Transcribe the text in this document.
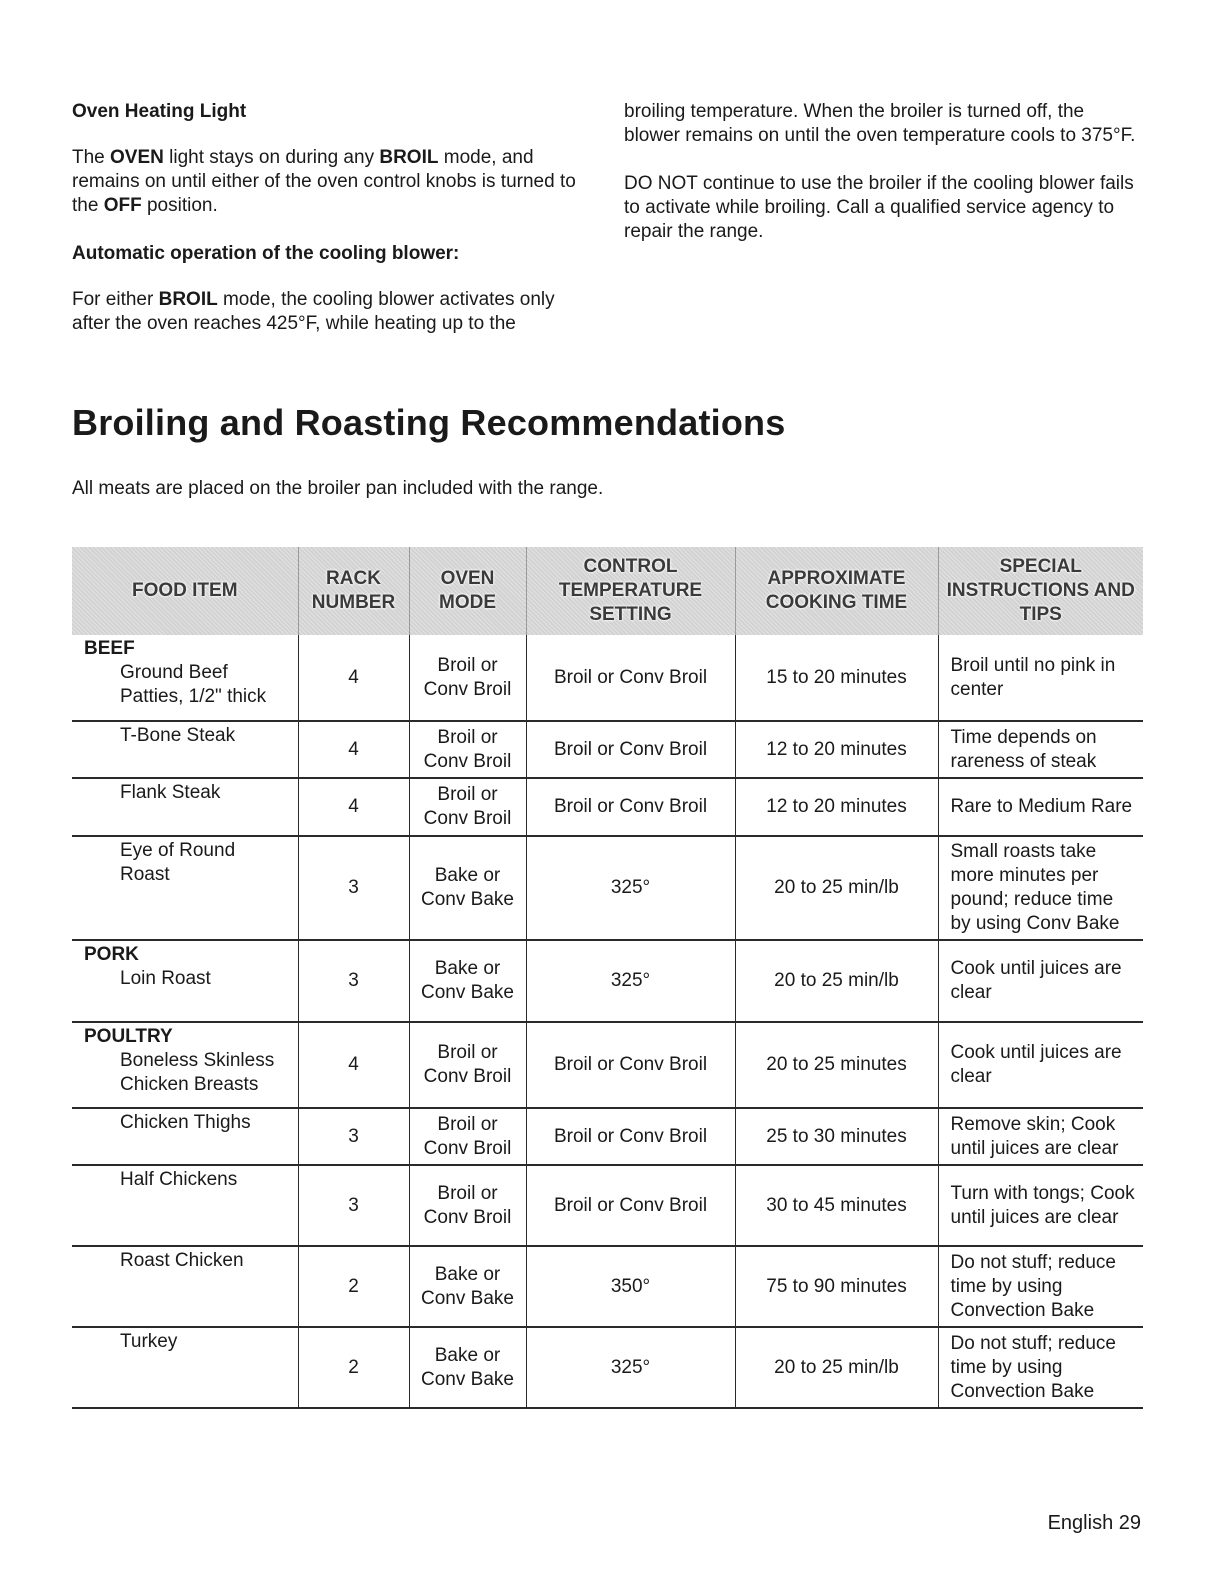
Oven Heating Light

The OVEN light stays on during any BROIL mode, and remains on until either of the oven control knobs is turned to the OFF position.

Automatic operation of the cooling blower:

For either BROIL mode, the cooling blower activates only after the oven reaches 425°F, while heating up to the

broiling temperature. When the broiler is turned off, the blower remains on until the oven temperature cools to 375°F.

DO NOT continue to use the broiler if the cooling blower fails to activate while broiling. Call a qualified service agency to repair the range.

Broiling and Roasting Recommendations

All meats are placed on the broiler pan included with the range.

FOOD ITEM	RACK NUMBER	OVEN MODE	CONTROL TEMPERATURE SETTING	APPROXIMATE COOKING TIME	SPECIAL INSTRUCTIONS AND TIPS

BEEF
Ground Beef Patties, 1/2" thick	4	Broil or Conv Broil	Broil or Conv Broil	15 to 20 minutes	Broil until no pink in center

T-Bone Steak	4	Broil or Conv Broil	Broil or Conv Broil	12 to 20 minutes	Time depends on rareness of steak

Flank Steak	4	Broil or Conv Broil	Broil or Conv Broil	12 to 20 minutes	Rare to Medium Rare

Eye of Round Roast	3	Bake or Conv Bake	325°	20 to 25 min/lb	Small roasts take more minutes per pound; reduce time by using Conv Bake

PORK
Loin Roast	3	Bake or Conv Bake	325°	20 to 25 min/lb	Cook until juices are clear

POULTRY
Boneless Skinless Chicken Breasts	4	Broil or Conv Broil	Broil or Conv Broil	20 to 25 minutes	Cook until juices are clear

Chicken Thighs	3	Broil or Conv Broil	Broil or Conv Broil	25 to 30 minutes	Remove skin; Cook until juices are clear

Half Chickens	3	Broil or Conv Broil	Broil or Conv Broil	30 to 45 minutes	Turn with tongs; Cook until juices are clear

Roast Chicken	2	Bake or Conv Bake	350°	75 to 90 minutes	Do not stuff; reduce time by using Convection Bake

Turkey	2	Bake or Conv Bake	325°	20 to 25 min/lb	Do not stuff; reduce time by using Convection Bake
English 29
